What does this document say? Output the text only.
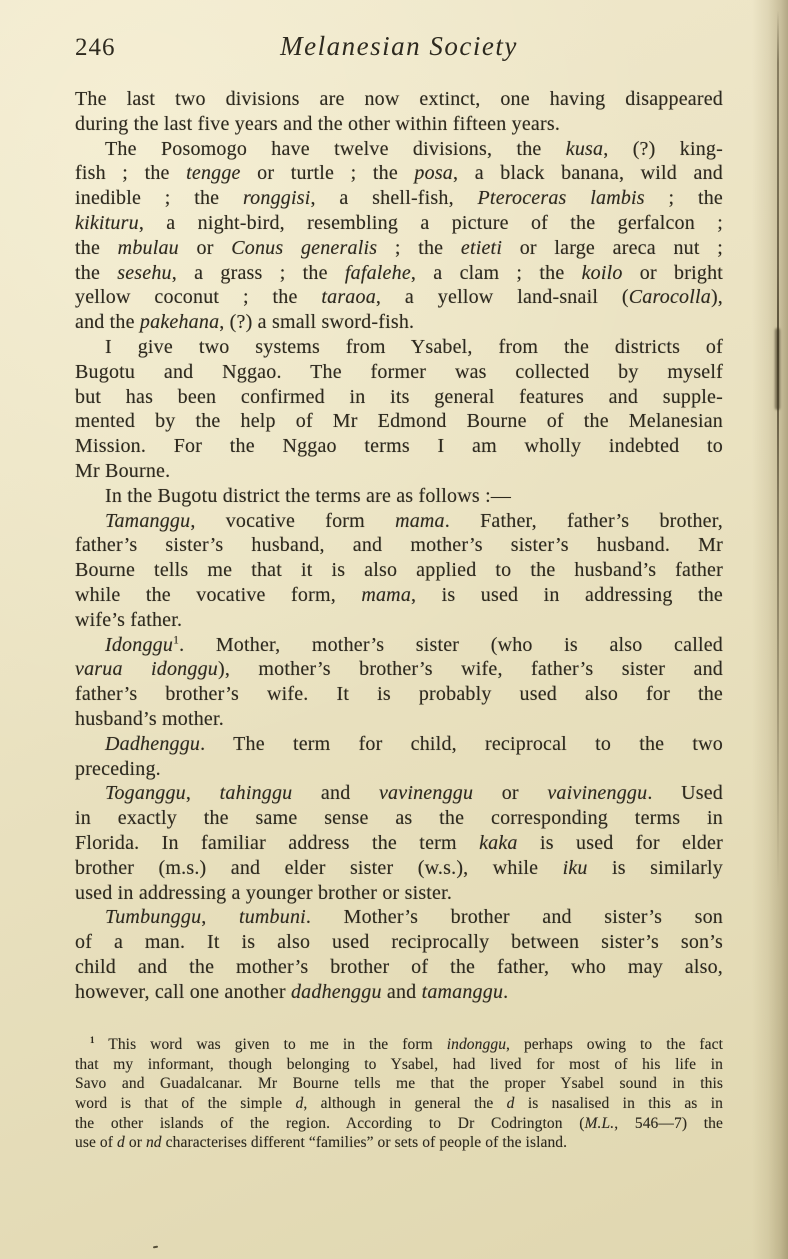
246	Melanesian Society
The last two divisions are now extinct, one having disappeared
during the last five years and the other within fifteen years.
The Posomogo have twelve divisions, the kusa, (?) king-
fish ; the tengge or turtle ; the posa, a black banana, wild and
inedible ; the ronggisi, a shell-fish, Pteroceras lambis ; the
kikituru, a night-bird, resembling a picture of the gerfalcon ;
the mbulau or Conus generalis ; the etieti or large areca nut ;
the sesehu, a grass ; the fafalehe, a clam ; the koilo or bright
yellow coconut ; the taraoa, a yellow land-snail (Carocolla),
and the pakehana, (?) a small sword-fish.
I give two systems from Ysabel, from the districts of
Bugotu and Nggao. The former was collected by myself
but has been confirmed in its general features and supple-
mented by the help of Mr Edmond Bourne of the Melanesian
Mission. For the Nggao terms I am wholly indebted to
Mr Bourne.
In the Bugotu district the terms are as follows :—
Tamanggu, vocative form mama. Father, father’s brother,
father’s sister’s husband, and mother’s sister’s husband. Mr
Bourne tells me that it is also applied to the husband’s father
while the vocative form, mama, is used in addressing the
wife’s father.
Idonggu$^1$. Mother, mother’s sister (who is also called
varua idonggu), mother’s brother’s wife, father’s sister and
father’s brother’s wife. It is probably used also for the
husband’s mother.
Dadhenggu. The term for child, reciprocal to the two
preceding.
Toganggu, tahinggu and vavinenggu or vaivinenggu. Used
in exactly the same sense as the corresponding terms in
Florida. In familiar address the term kaka is used for elder
brother (m.s.) and elder sister (w.s.), while iku is similarly
used in addressing a younger brother or sister.
Tumbunggu, tumbuni. Mother’s brother and sister’s son
of a man. It is also used reciprocally between sister’s son’s
child and the mother’s brother of the father, who may also,
however, call one another dadhenggu and tamanggu.
$^1$ This word was given to me in the form indonggu, perhaps owing to the fact
that my informant, though belonging to Ysabel, had lived for most of his life in
Savo and Guadalcanar. Mr Bourne tells me that the proper Ysabel sound in this
word is that of the simple d, although in general the d is nasalised in this as in
the other islands of the region. According to Dr Codrington (M.L., 546—7) the
use of d or nd characterises different “families” or sets of people of the island.
